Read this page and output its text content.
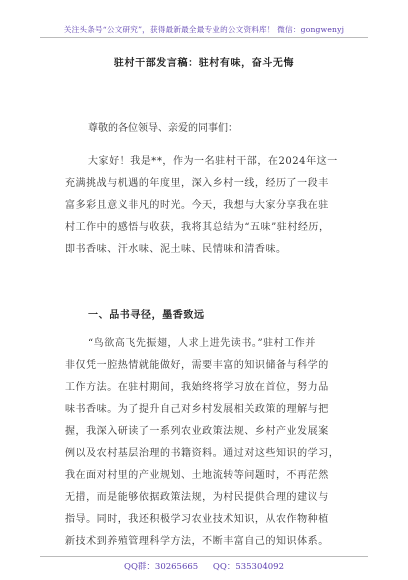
关注头条号“公文研究”，获得最新最全最专业的公文资料库！ 微信：gongwenyj
驻村干部发言稿：驻村有味，奋斗无悔
尊敬的各位领导、亲爱的同事们：
大家好！我是**，作为一名驻村干部，在2024年这一
充满挑战与机遇的年度里，深入乡村一线，经历了一段丰
富多彩且意义非凡的时光。今天，我想与大家分享我在驻
村工作中的感悟与收获，我将其总结为“五味”驻村经历，
即书香味、汗水味、泥土味、民情味和清香味。
一、品书寻径，墨香致远
“鸟欲高飞先振翅，人求上进先读书。”驻村工作并
非仅凭一腔热情就能做好，需要丰富的知识储备与科学的
工作方法。在驻村期间，我始终将学习放在首位，努力品
味书香味。为了提升自己对乡村发展相关政策的理解与把
握，我深入研读了一系列农业政策法规、乡村产业发展案
例以及农村基层治理的书籍资料。通过对这些知识的学习，
我在面对村里的产业规划、土地流转等问题时，不再茫然
无措，而是能够依据政策法规，为村民提供合理的建议与
指导。同时，我还积极学习农业技术知识，从农作物种植
新技术到养殖管理科学方法，不断丰富自己的知识体系。
QQ群：30265665 QQ：535304092
